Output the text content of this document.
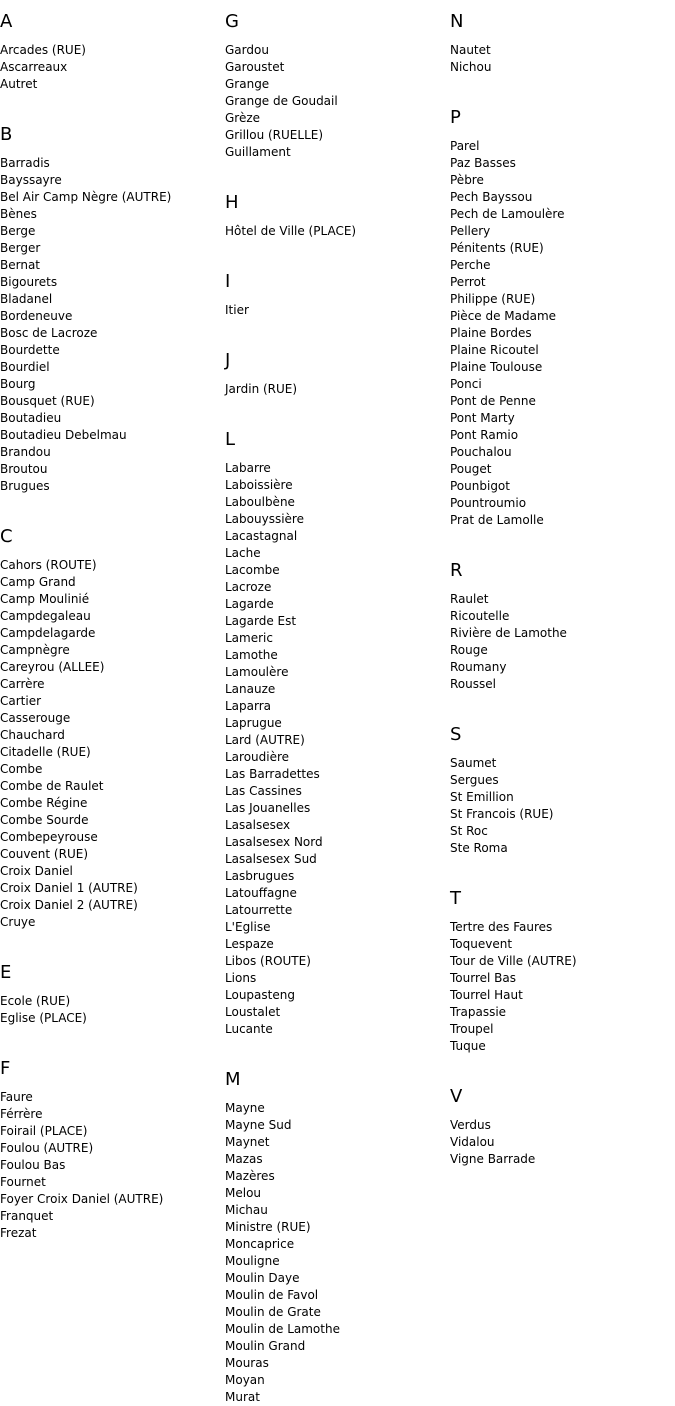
A
Arcades (RUE)
Ascarreaux
Autret
B
Barradis
Bayssayre
Bel Air Camp Nègre (AUTRE)
Bènes
Berge
Berger
Bernat
Bigourets
Bladanel
Bordeneuve
Bosc de Lacroze
Bourdette
Bourdiel
Bourg
Bousquet (RUE)
Boutadieu
Boutadieu Debelmau
Brandou
Broutou
Brugues
C
Cahors (ROUTE)
Camp Grand
Camp Moulinié
Campdegaleau
Campdelagarde
Campnègre
Careyrou (ALLEE)
Carrère
Cartier
Casserouge
Chauchard
Citadelle (RUE)
Combe
Combe de Raulet
Combe Régine
Combe Sourde
Combepeyrouse
Couvent (RUE)
Croix Daniel
Croix Daniel 1 (AUTRE)
Croix Daniel 2 (AUTRE)
Cruye
E
Ecole (RUE)
Eglise (PLACE)
F
Faure
Férrère
Foirail (PLACE)
Foulou (AUTRE)
Foulou Bas
Fournet
Foyer Croix Daniel (AUTRE)
Franquet
Frezat
G
Gardou
Garoustet
Grange
Grange de Goudail
Grèze
Grillou (RUELLE)
Guillament
H
Hôtel de Ville (PLACE)
I
Itier
J
Jardin (RUE)
L
Labarre
Laboissière
Laboulbène
Labouyssière
Lacastagnal
Lache
Lacombe
Lacroze
Lagarde
Lagarde Est
Lameric
Lamothe
Lamoulère
Lanauze
Laparra
Laprugue
Lard (AUTRE)
Laroudière
Las Barradettes
Las Cassines
Las Jouanelles
Lasalsesex
Lasalsesex Nord
Lasalsesex Sud
Lasbrugues
Latouffagne
Latourrette
L'Eglise
Lespaze
Libos (ROUTE)
Lions
Loupasteng
Loustalet
Lucante
M
Mayne
Mayne Sud
Maynet
Mazas
Mazères
Melou
Michau
Ministre (RUE)
Moncaprice
Mouligne
Moulin Daye
Moulin de Favol
Moulin de Grate
Moulin de Lamothe
Moulin Grand
Mouras
Moyan
Murat
N
Nautet
Nichou
P
Parel
Paz Basses
Pèbre
Pech Bayssou
Pech de Lamoulère
Pellery
Pénitents (RUE)
Perche
Perrot
Philippe (RUE)
Pièce de Madame
Plaine Bordes
Plaine Ricoutel
Plaine Toulouse
Ponci
Pont de Penne
Pont Marty
Pont Ramio
Pouchalou
Pouget
Pounbigot
Pountroumio
Prat de Lamolle
R
Raulet
Ricoutelle
Rivière de Lamothe
Rouge
Roumany
Roussel
S
Saumet
Sergues
St Emillion
St Francois (RUE)
St Roc
Ste Roma
T
Tertre des Faures
Toquevent
Tour de Ville (AUTRE)
Tourrel Bas
Tourrel Haut
Trapassie
Troupel
Tuque
V
Verdus
Vidalou
Vigne Barrade
